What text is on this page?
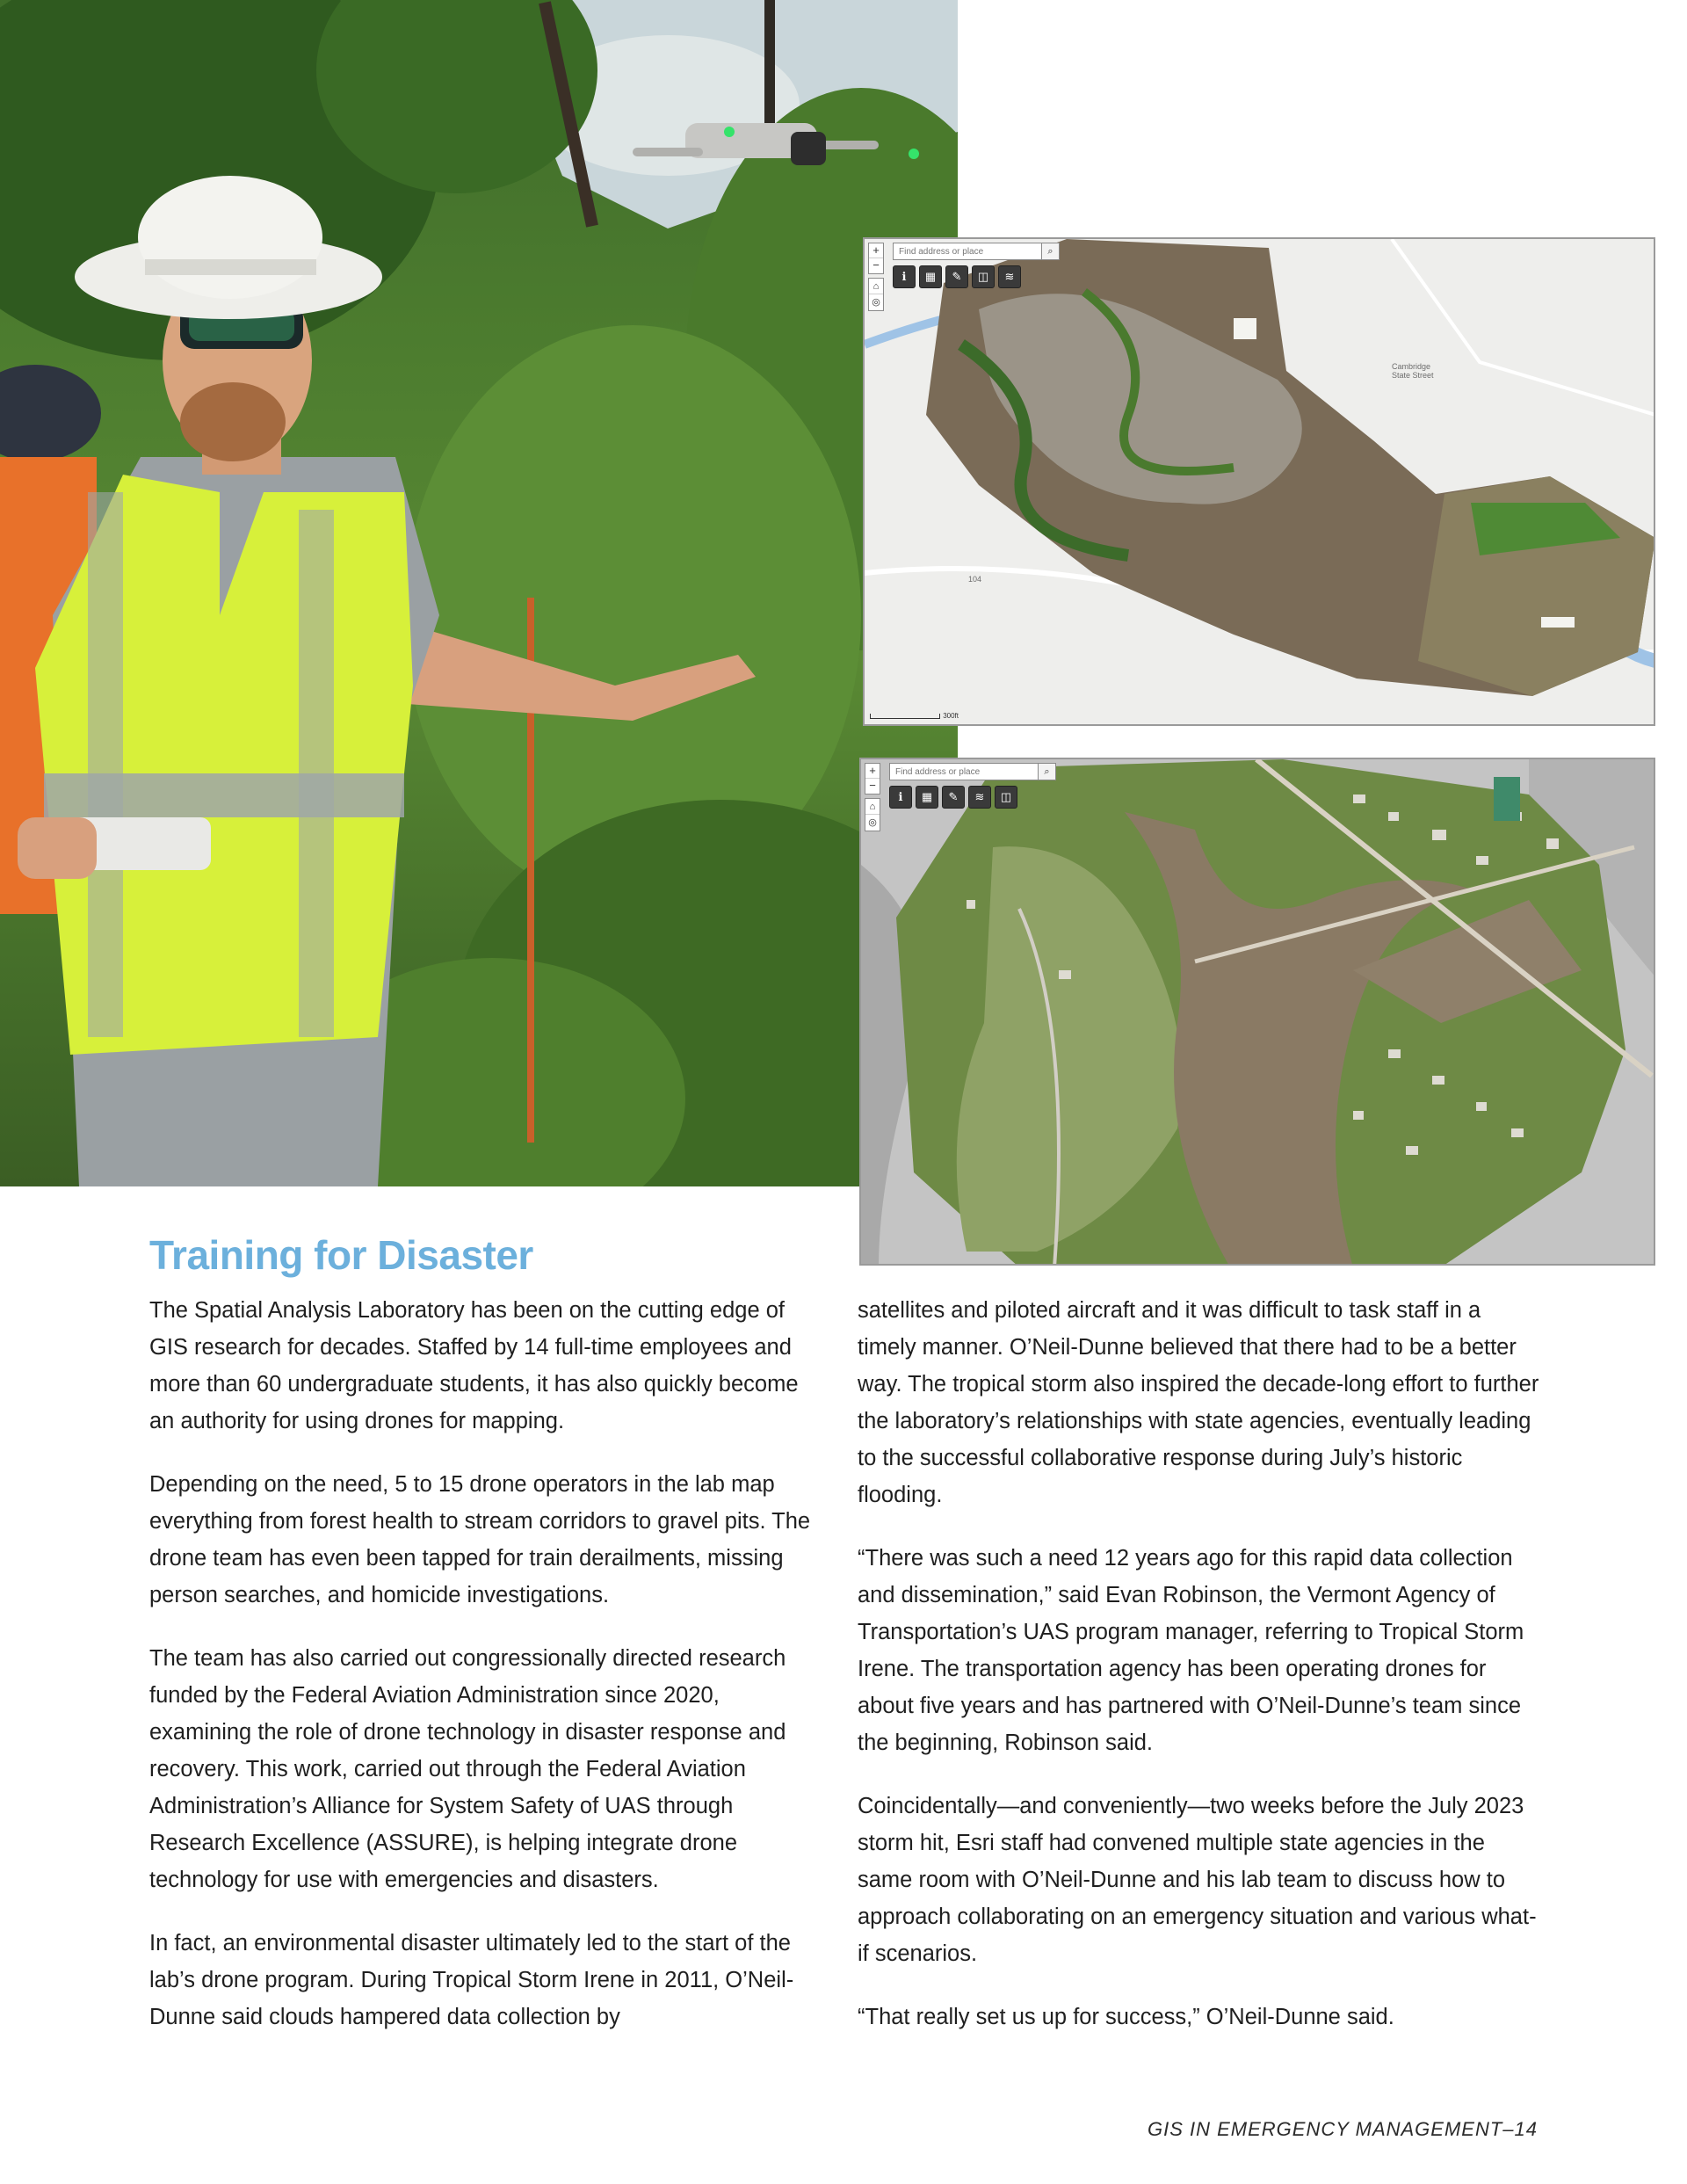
+
−
⌂
◎
Find address or place
⌕
ℹ	▦	✎	◫	≋
Cambridge State Street
104
300ft
+
−
⌂
◎
Find address or place
⌕
ℹ	▦	✎	≋	◫
Training for Disaster

The Spatial Analysis Laboratory has been on the cutting edge of GIS research for decades. Staffed by 14 full-time employees and more than 60 undergraduate students, it has also quickly become an authority for using drones for mapping.

Depending on the need, 5 to 15 drone operators in the lab map everything from forest health to stream corridors to gravel pits. The drone team has even been tapped for train derailments, missing person searches, and homicide investigations.

The team has also carried out congressionally directed research funded by the Federal Aviation Administration since 2020, examining the role of drone technology in disaster response and recovery. This work, carried out through the Federal Aviation Administration’s Alliance for System Safety of UAS through Research Excellence (ASSURE), is helping integrate drone technology for use with emergencies and disasters.

In fact, an environmental disaster ultimately led to the start of the lab’s drone program. During Tropical Storm Irene in 2011, O’Neil-Dunne said clouds hampered data collection by

satellites and piloted aircraft and it was difficult to task staff in a timely manner. O’Neil-Dunne believed that there had to be a better way. The tropical storm also inspired the decade-long effort to further the laboratory’s relationships with state agencies, eventually leading to the successful collaborative response during July’s historic flooding.

“There was such a need 12 years ago for this rapid data collection and dissemination,” said Evan Robinson, the Vermont Agency of Transportation’s UAS program manager, referring to Tropical Storm Irene. The transportation agency has been operating drones for about five years and has partnered with O’Neil-Dunne’s team since the beginning, Robinson said.

Coincidentally—and conveniently—two weeks before the July 2023 storm hit, Esri staff had convened multiple state agencies in the same room with O’Neil-Dunne and his lab team to discuss how to approach collaborating on an emergency situation and various what-if scenarios.

“That really set us up for success,” O’Neil-Dunne said.

GIS IN EMERGENCY MANAGEMENT–14
